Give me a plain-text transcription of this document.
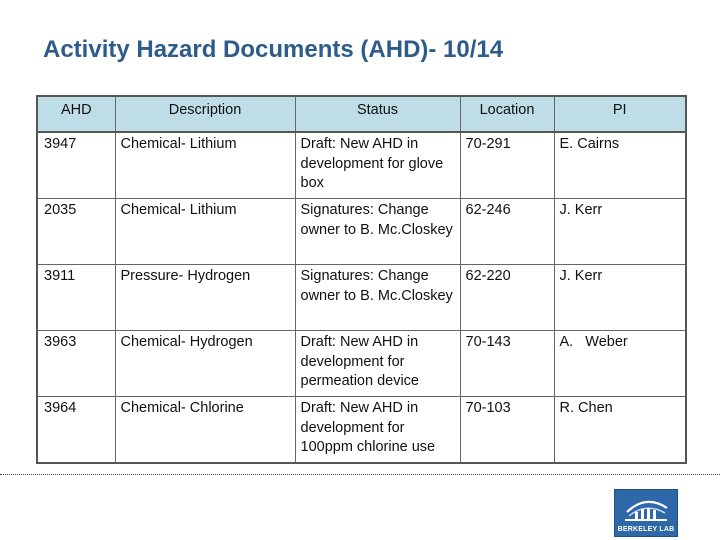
Activity Hazard Documents (AHD)- 10/14
AHD	Description	Status	Location	PI
3947	Chemical- Lithium	Draft: New AHD in development for glove box	70-291	E. Cairns
2035	Chemical- Lithium	Signatures: Change owner to B. Mc.Closkey	62-246	J. Kerr
3911	Pressure- Hydrogen	Signatures: Change owner to B. Mc.Closkey	62-220	J. Kerr
3963	Chemical- Hydrogen	Draft: New AHD in development for permeation device	70-143	A.   Weber
3964	Chemical- Chlorine	Draft: New AHD in development for 100ppm chlorine use	70-103	R. Chen
BERKELEY LAB
